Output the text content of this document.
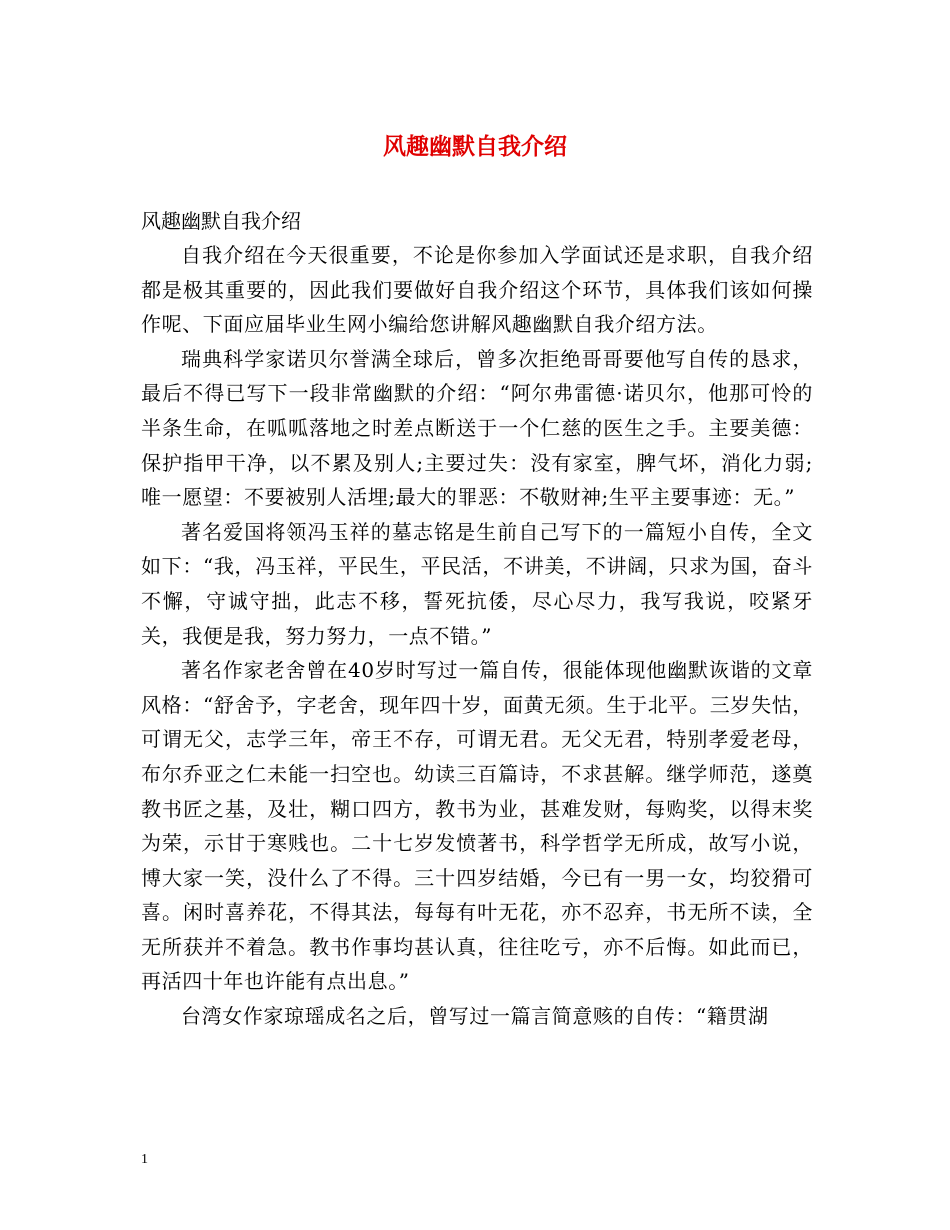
风趣幽默自我介绍
风趣幽默自我介绍

自我介绍在今天很重要，不论是你参加入学面试还是求职，自我介绍都是极其重要的，因此我们要做好自我介绍这个环节，具体我们该如何操作呢、下面应届毕业生网小编给您讲解风趣幽默自我介绍方法。

瑞典科学家诺贝尔誉满全球后，曾多次拒绝哥哥要他写自传的恳求，最后不得已写下一段非常幽默的介绍：“阿尔弗雷德·诺贝尔，他那可怜的半条生命，在呱呱落地之时差点断送于一个仁慈的医生之手。主要美德：保护指甲干净，以不累及别人;主要过失：没有家室，脾气坏，消化力弱;唯一愿望：不要被别人活埋;最大的罪恶：不敬财神;生平主要事迹：无。”

著名爱国将领冯玉祥的墓志铭是生前自己写下的一篇短小自传，全文如下：“我，冯玉祥，平民生，平民活，不讲美，不讲阔，只求为国，奋斗不懈，守诚守拙，此志不移，誓死抗倭，尽心尽力，我写我说，咬紧牙关，我便是我，努力努力，一点不错。”

著名作家老舍曾在40岁时写过一篇自传，很能体现他幽默诙谐的文章风格：“舒舍予，字老舍，现年四十岁，面黄无须。生于北平。三岁失怙，可谓无父，志学三年，帝王不存，可谓无君。无父无君，特别孝爱老母，布尔乔亚之仁未能一扫空也。幼读三百篇诗，不求甚解。继学师范，遂奠教书匠之基，及壮，糊口四方，教书为业，甚难发财，每购奖，以得末奖为荣，示甘于寒贱也。二十七岁发愤著书，科学哲学无所成，故写小说，博大家一笑，没什么了不得。三十四岁结婚，今已有一男一女，均狡猾可喜。闲时喜养花，不得其法，每每有叶无花，亦不忍弃，书无所不读，全无所获并不着急。教书作事均甚认真，往往吃亏，亦不后悔。如此而已，再活四十年也许能有点出息。”

台湾女作家琼瑶成名之后，曾写过一篇言简意赅的自传：“籍贯湖

1
